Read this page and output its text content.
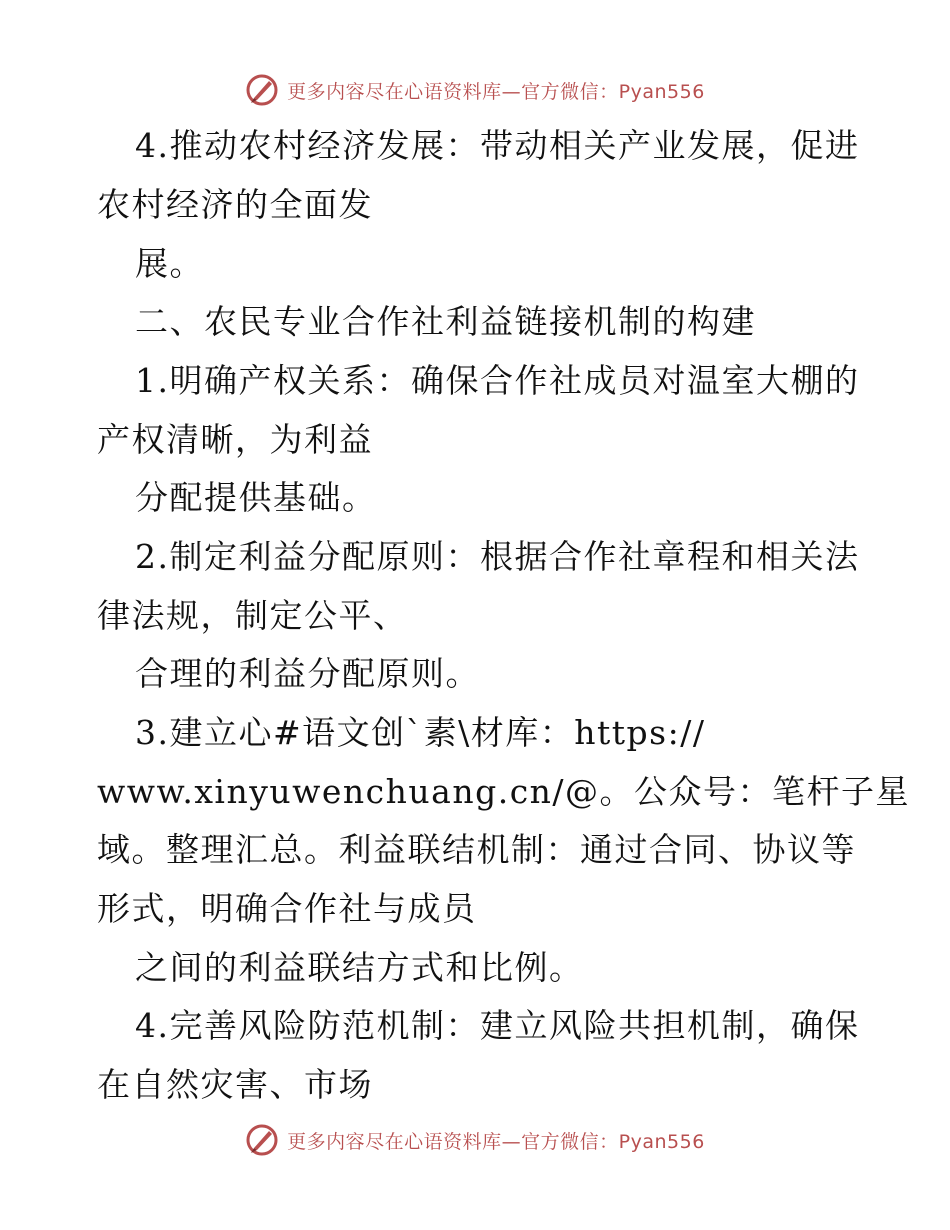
更多内容尽在心语资料库—官方微信：Pyan556
4.推动农村经济发展：带动相关产业发展，促进
农村经济的全面发
展。
二、农民专业合作社利益链接机制的构建
1.明确产权关系：确保合作社成员对温室大棚的
产权清晰，为利益
分配提供基础。
2.制定利益分配原则：根据合作社章程和相关法
律法规，制定公平、
合理的利益分配原则。
3.建立心#语文创`素\材库：https://
www.xinyuwenchuang.cn/@。公众号：笔杆子星
域。整理汇总。利益联结机制：通过合同、协议等
形式，明确合作社与成员
之间的利益联结方式和比例。
4.完善风险防范机制：建立风险共担机制，确保
在自然灾害、市场
更多内容尽在心语资料库—官方微信：Pyan556
